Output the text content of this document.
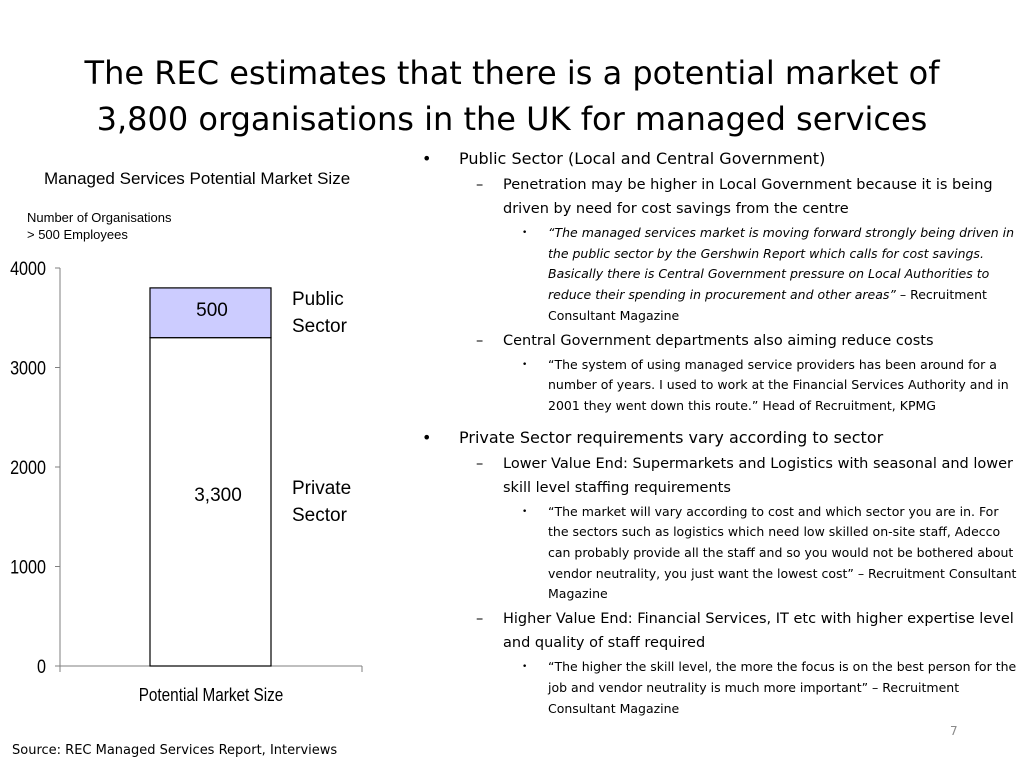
The REC estimates that there is a potential market of 3,800 organisations in the UK for managed services
Managed Services Potential Market Size
Number of Organisations
> 500 Employees
0
1000
2000
3000
4000
500
3,300
Public
Sector
Private
Sector
Potential Market Size
• Public Sector (Local and Central Government)
– Penetration may be higher in Local Government because it is being driven by need for cost savings from the centre
• “The managed services market is moving forward strongly being driven in the public sector by the Gershwin Report which calls for cost savings. Basically there is Central Government pressure on Local Authorities to reduce their spending in procurement and other areas” – Recruitment Consultant Magazine
– Central Government departments also aiming reduce costs
• “The system of using managed service providers has been around for a number of years. I used to work at the Financial Services Authority and in 2001 they went down this route.” Head of Recruitment, KPMG
• Private Sector requirements vary according to sector
– Lower Value End: Supermarkets and Logistics with seasonal and lower skill level staffing requirements
• “The market will vary according to cost and which sector you are in. For the sectors such as logistics which need low skilled on-site staff, Adecco can probably provide all the staff and so you would not be bothered about vendor neutrality, you just want the lowest cost” – Recruitment Consultant Magazine
– Higher Value End: Financial Services, IT etc with higher expertise level and quality of staff required
• “The higher the skill level, the more the focus is on the best person for the job and vendor neutrality is much more important” – Recruitment Consultant Magazine
Source: REC Managed Services Report, Interviews
7
